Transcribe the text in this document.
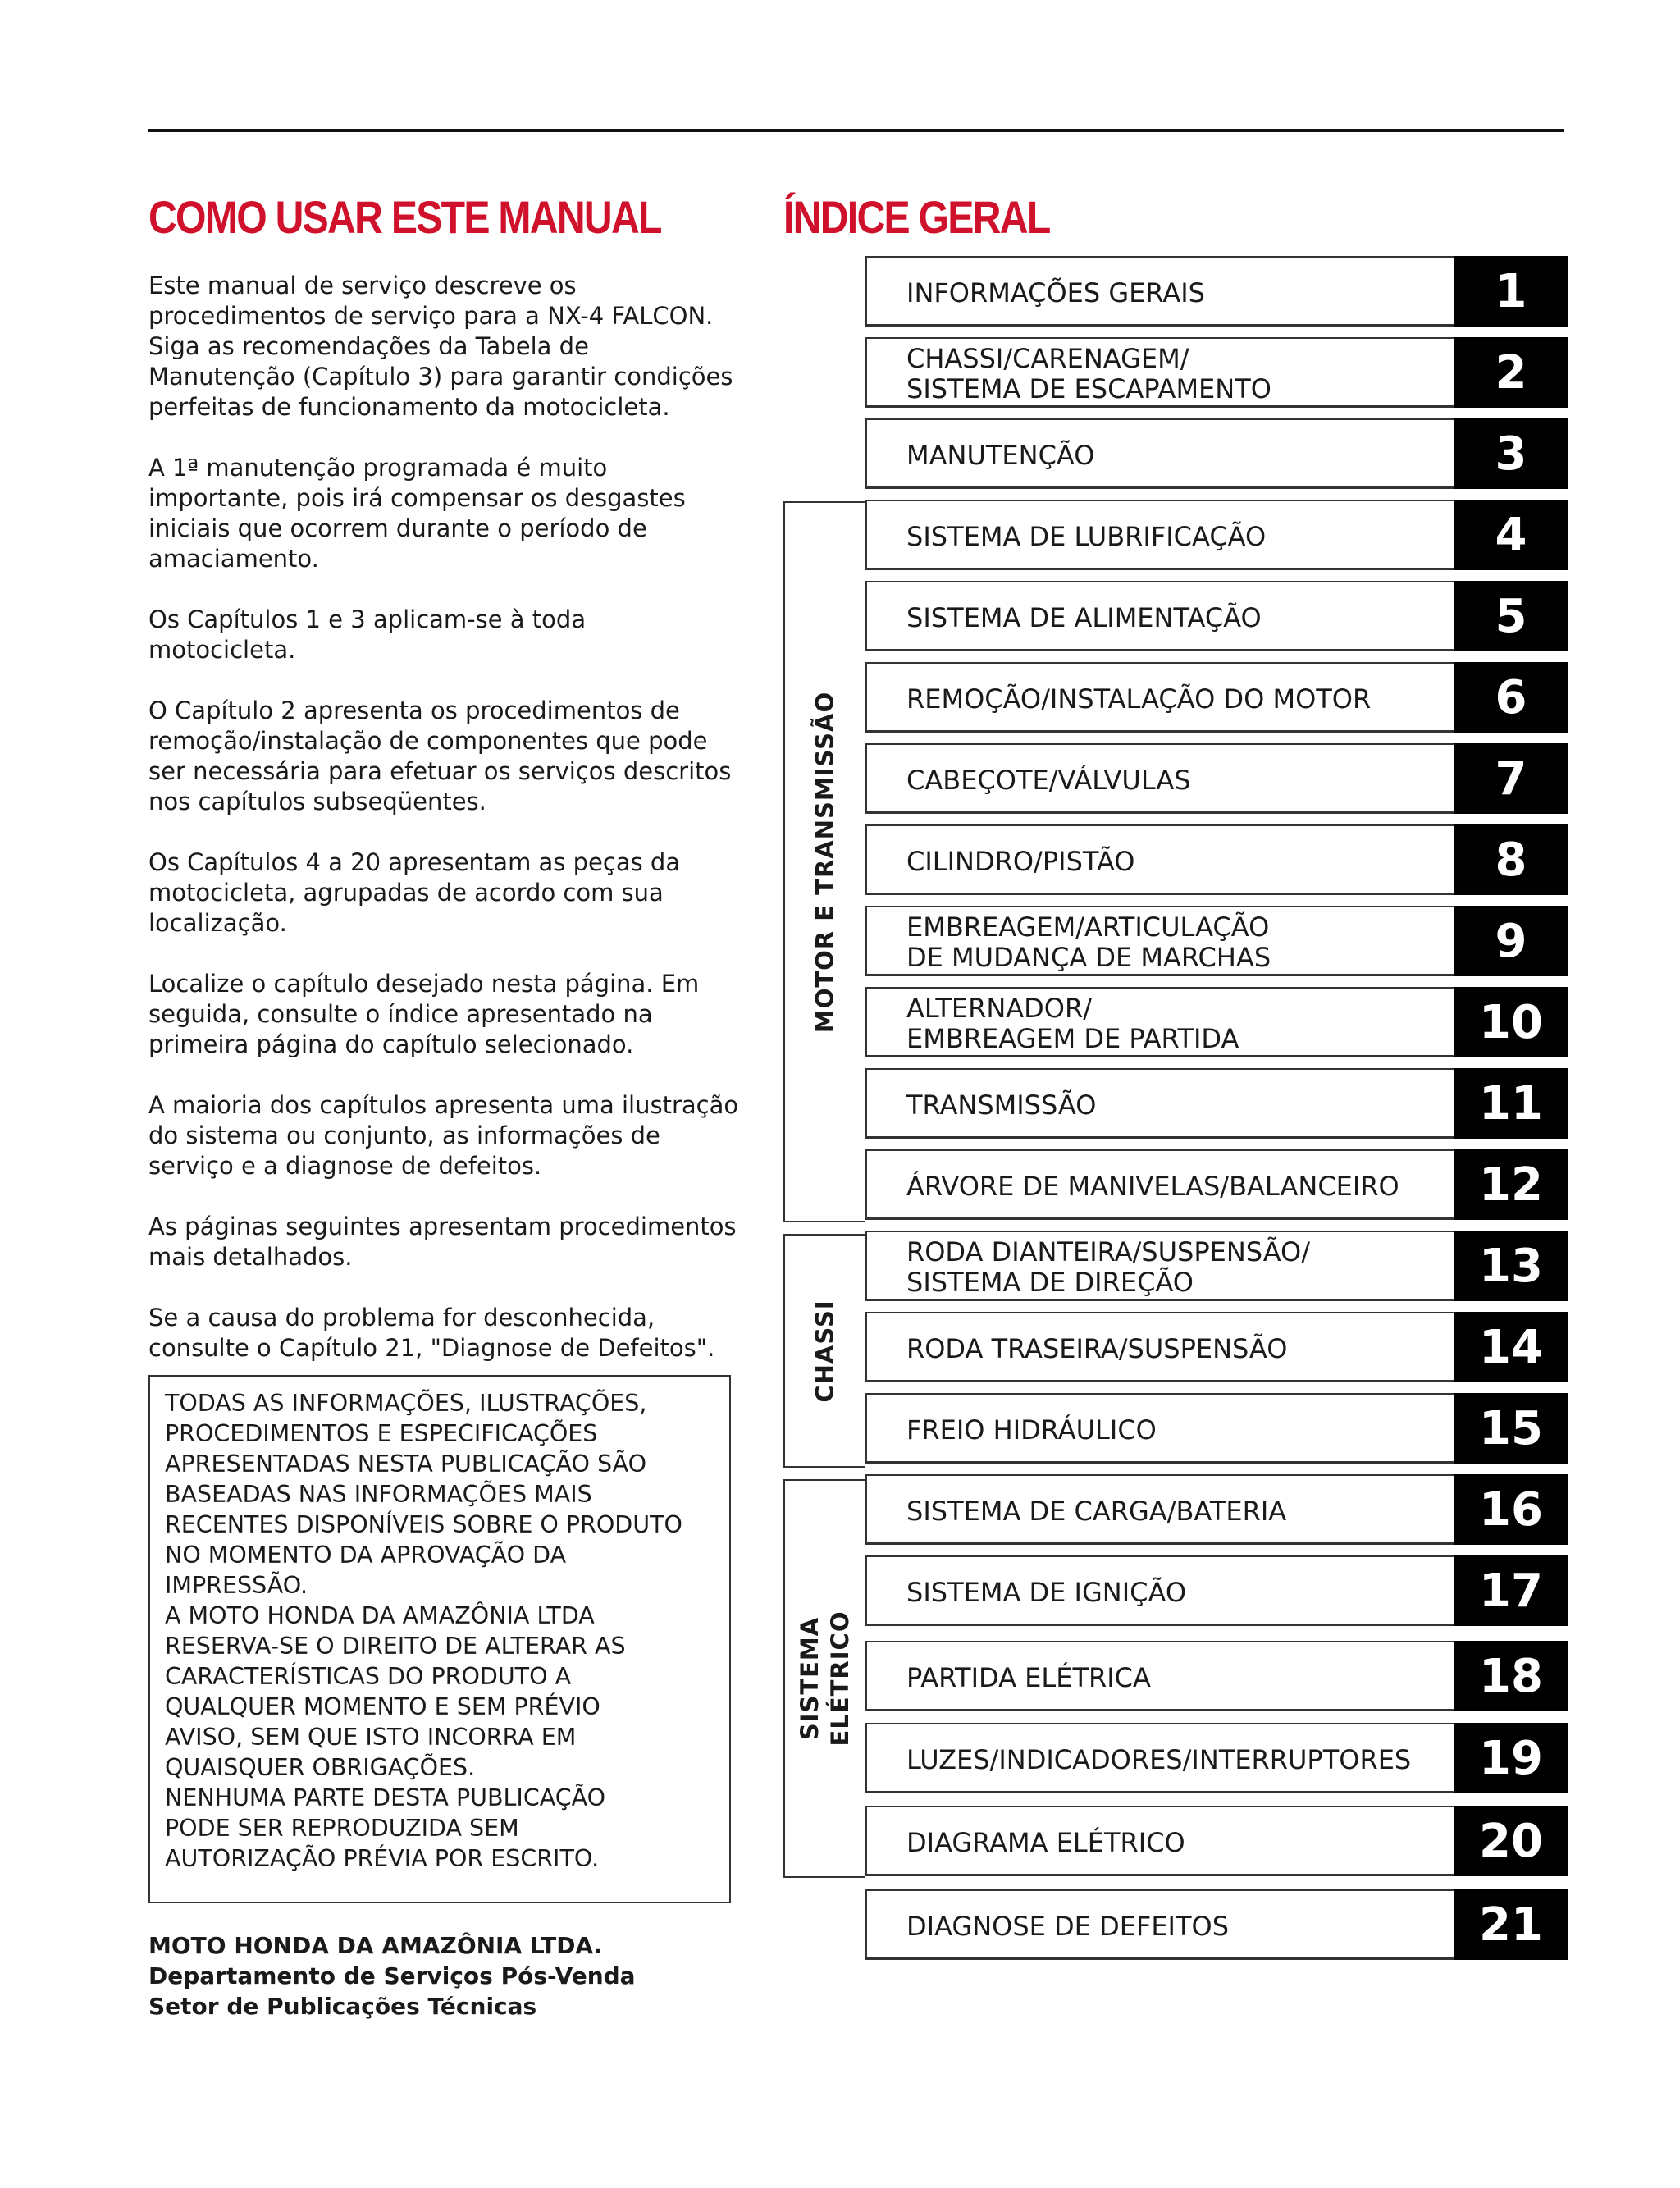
COMO USAR ESTE MANUAL	ÍNDICE GERAL

Este manual de serviço descreve os procedimentos de serviço para a NX-4 FALCON. Siga as recomendações da Tabela de Manutenção (Capítulo 3) para garantir condições perfeitas de funcionamento da motocicleta.

A 1ª manutenção programada é muito importante, pois irá compensar os desgastes iniciais que ocorrem durante o período de amaciamento.

Os Capítulos 1 e 3 aplicam-se à toda motocicleta.

O Capítulo 2 apresenta os procedimentos de remoção/instalação de componentes que pode ser necessária para efetuar os serviços descritos nos capítulos subseqüentes.

Os Capítulos 4 a 20 apresentam as peças da motocicleta, agrupadas de acordo com sua localização.

Localize o capítulo desejado nesta página. Em seguida, consulte o índice apresentado na primeira página do capítulo selecionado.

A maioria dos capítulos apresenta uma ilustração do sistema ou conjunto, as informações de serviço e a diagnose de defeitos.

As páginas seguintes apresentam procedimentos mais detalhados.

Se a causa do problema for desconhecida, consulte o Capítulo 21, "Diagnose de Defeitos".

TODAS AS INFORMAÇÕES, ILUSTRAÇÕES,
PROCEDIMENTOS E ESPECIFICAÇÕES
APRESENTADAS NESTA PUBLICAÇÃO SÃO
BASEADAS NAS INFORMAÇÕES MAIS
RECENTES DISPONÍVEIS SOBRE O PRODUTO
NO MOMENTO DA APROVAÇÃO DA
IMPRESSÃO.
A MOTO HONDA DA AMAZÔNIA LTDA
RESERVA-SE O DIREITO DE ALTERAR AS
CARACTERÍSTICAS DO PRODUTO A
QUALQUER MOMENTO E SEM PRÉVIO
AVISO, SEM QUE ISTO INCORRA EM
QUAISQUER OBRIGAÇÕES.
NENHUMA PARTE DESTA PUBLICAÇÃO
PODE SER REPRODUZIDA SEM
AUTORIZAÇÃO PRÉVIA POR ESCRITO.
MOTO HONDA DA AMAZÔNIA LTDA.
Departamento de Serviços Pós-Venda
Setor de Publicações Técnicas
MOTOR E TRANSMISSÃO
CHASSI
SISTEMA
ELÉTRICO
INFORMAÇÕES GERAIS	1
CHASSI/CARENAGEM/
SISTEMA DE ESCAPAMENTO	2
MANUTENÇÃO	3
SISTEMA DE LUBRIFICAÇÃO	4
SISTEMA DE ALIMENTAÇÃO	5
REMOÇÃO/INSTALAÇÃO DO MOTOR	6
CABEÇOTE/VÁLVULAS	7
CILINDRO/PISTÃO	8
EMBREAGEM/ARTICULAÇÃO
DE MUDANÇA DE MARCHAS	9
ALTERNADOR/
EMBREAGEM DE PARTIDA	10
TRANSMISSÃO	11
ÁRVORE DE MANIVELAS/BALANCEIRO	12
RODA DIANTEIRA/SUSPENSÃO/
SISTEMA DE DIREÇÃO	13
RODA TRASEIRA/SUSPENSÃO	14
FREIO HIDRÁULICO	15
SISTEMA DE CARGA/BATERIA	16
SISTEMA DE IGNIÇÃO	17
PARTIDA ELÉTRICA	18
LUZES/INDICADORES/INTERRUPTORES	19
DIAGRAMA ELÉTRICO	20
DIAGNOSE DE DEFEITOS	21
